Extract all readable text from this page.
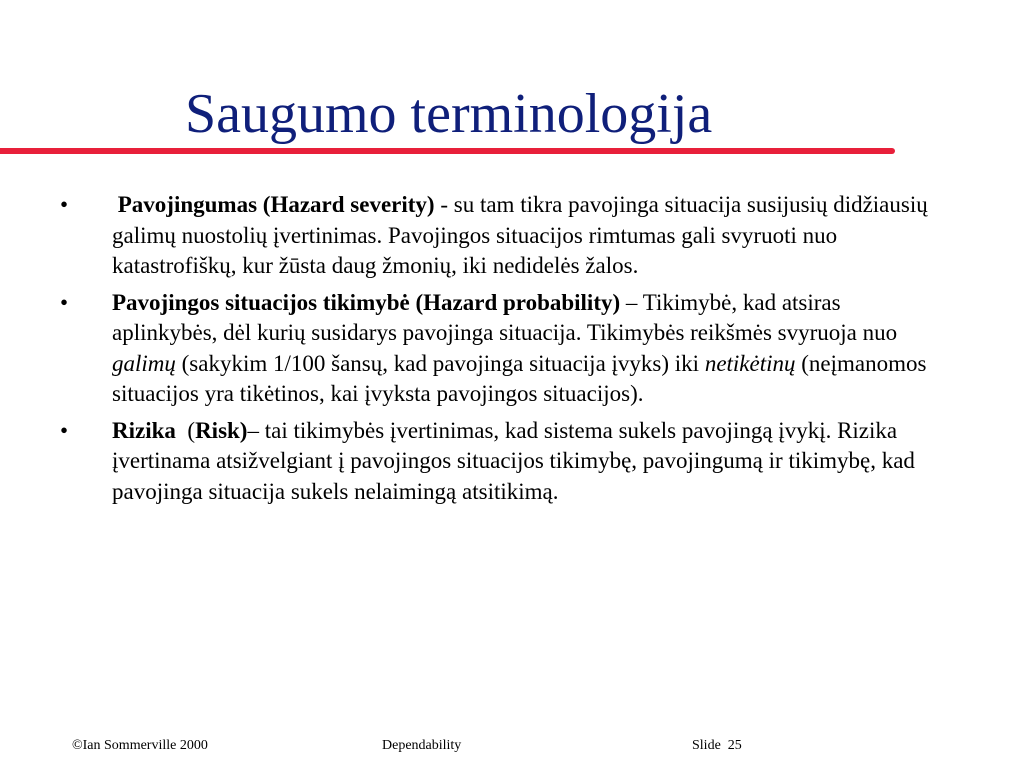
Saugumo terminologija
•	Pavojingumas (Hazard severity) - su tam tikra pavojinga situacija susijusių didžiausių galimų nuostolių įvertinimas. Pavojingos situacijos rimtumas gali svyruoti nuo katastrofiškų, kur žūsta daug žmonių, iki nedidelės žalos.
•	Pavojingos situacijos tikimybė (Hazard probability) – Tikimybė, kad atsiras aplinkybės, dėl kurių susidarys pavojinga situacija. Tikimybės reikšmės svyruoja nuo galimų (sakykim 1/100 šansų, kad pavojinga situacija įvyks) iki netikėtinų (neįmanomos situacijos yra tikėtinos, kai įvyksta pavojingos situacijos).
•	Rizika  (Risk)– tai tikimybės įvertinimas, kad sistema sukels pavojingą įvykį. Rizika įvertinama atsižvelgiant į pavojingos situacijos tikimybę, pavojingumą ir tikimybę, kad pavojinga situacija sukels nelaimingą atsitikimą.
©Ian Sommerville 2000	Dependability	Slide  25
